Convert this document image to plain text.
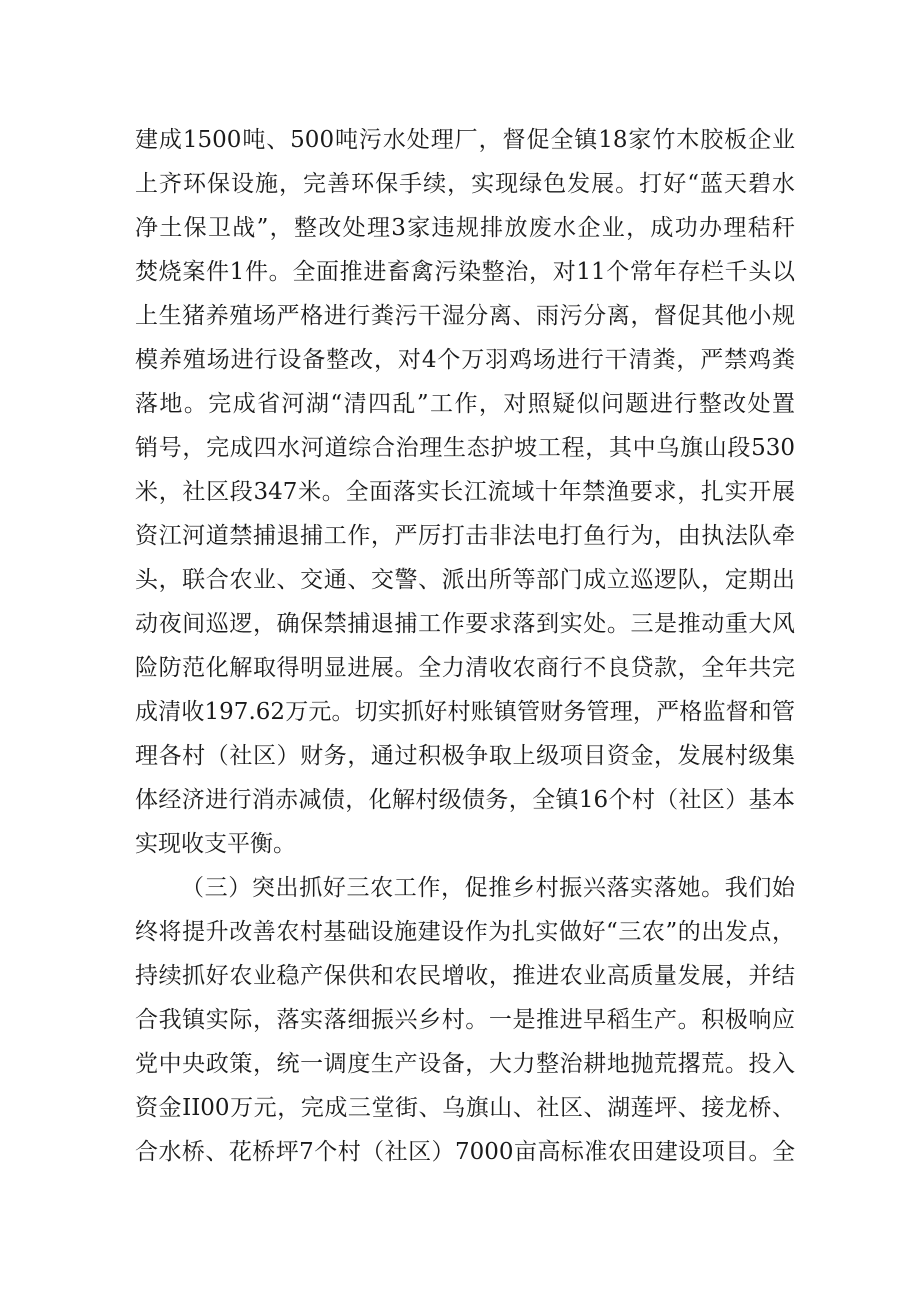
建成1500吨、500吨污水处理厂，督促全镇18家竹木胶板企业
上齐环保设施，完善环保手续，实现绿色发展。打好“蓝天碧水
净土保卫战”，整改处理3家违规排放废水企业，成功办理秸秆
焚烧案件1件。全面推进畜禽污染整治，对11个常年存栏千头以
上生猪养殖场严格进行粪污干湿分离、雨污分离，督促其他小规
模养殖场进行设备整改，对4个万羽鸡场进行干清粪，严禁鸡粪
落地。完成省河湖“清四乱”工作，对照疑似问题进行整改处置
销号，完成四水河道综合治理生态护坡工程，其中乌旗山段530
米，社区段347米。全面落实长江流域十年禁渔要求，扎实开展
资江河道禁捕退捕工作，严厉打击非法电打鱼行为，由执法队牵
头，联合农业、交通、交警、派出所等部门成立巡逻队，定期出
动夜间巡逻，确保禁捕退捕工作要求落到实处。三是推动重大风
险防范化解取得明显进展。全力清收农商行不良贷款，全年共完
成清收197.62万元。切实抓好村账镇管财务管理，严格监督和管
理各村（社区）财务，通过积极争取上级项目资金，发展村级集
体经济进行消赤减债，化解村级债务，全镇16个村（社区）基本
实现收支平衡。
（三）突出抓好三农工作，促推乡村振兴落实落她。我们始
终将提升改善农村基础设施建设作为扎实做好“三农”的出发点，
持续抓好农业稳产保供和农民增收，推进农业高质量发展，并结
合我镇实际，落实落细振兴乡村。一是推进早稻生产。积极响应
党中央政策，统一调度生产设备，大力整治耕地抛荒撂荒。投入
资金II00万元，完成三堂街、乌旗山、社区、湖莲坪、接龙桥、
合水桥、花桥坪7个村（社区）7000亩高标准农田建设项目。全
